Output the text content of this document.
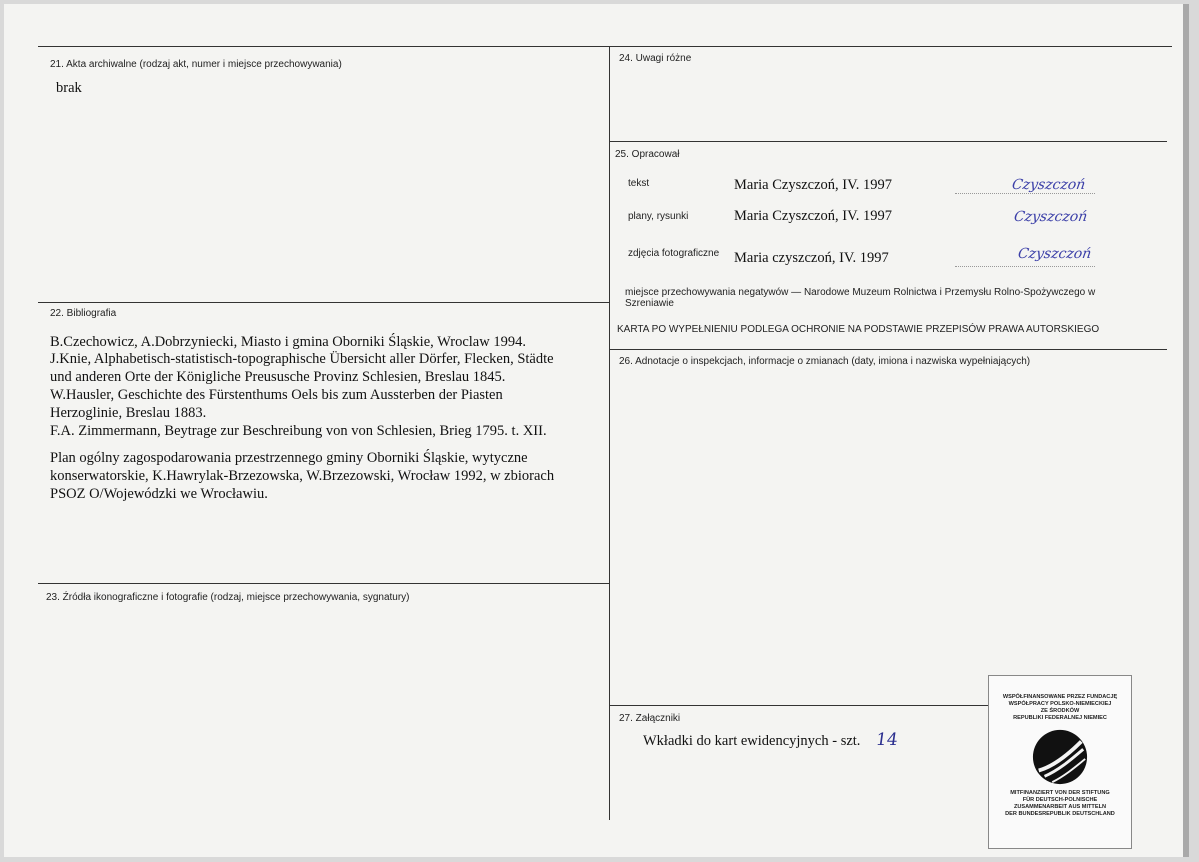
21. Akta archiwalne (rodzaj akt, numer i miejsce przechowywania)
brak
22. Bibliografia
B.Czechowicz, A.Dobrzyniecki, Miasto i gmina Oborniki Śląskie, Wroclaw 1994.
J.Knie, Alphabetisch-statistisch-topographische Übersicht aller Dörfer, Flecken, Städte
und anderen Orte der Königliche Preususche Provinz Schlesien, Breslau 1845.
W.Hausler, Geschichte des Fürstenthums Oels bis zum Aussterben der Piasten
Herzoglinie, Breslau 1883.
F.A. Zimmermann, Beytrage zur Beschreibung von von Schlesien, Brieg 1795. t. XII.
Plan ogólny zagospodarowania przestrzennego gminy Oborniki Śląskie, wytyczne
konserwatorskie, K.Hawrylak-Brzezowska, W.Brzezowski, Wrocław 1992, w zbiorach
PSOZ O/Wojewódzki we Wrocławiu.
23. Źródła ikonograficzne i fotografie (rodzaj, miejsce przechowywania, sygnatury)
24. Uwagi różne
25. Opracował
tekst	Maria Czyszczoń, IV. 1997	Czyszczoń
plany, rysunki	Maria Czyszczoń, IV. 1997	Czyszczoń
zdjęcia fotograficzne Maria czyszczoń, IV. 1997	Czyszczoń
miejsce przechowywania negatywów — Narodowe Muzeum Rolnictwa i Przemysłu Rolno-Spożywczego w
Szreniawie
KARTA PO WYPEŁNIENIU PODLEGA OCHRONIE NA PODSTAWIE PRZEPISÓW PRAWA AUTORSKIEGO
26. Adnotacje o inspekcjach, informacje o zmianach (daty, imiona i nazwiska wypełniających)
27. Załączniki
Wkładki do kart ewidencyjnych - szt. 14
WSPÓŁFINANSOWANE PRZEZ FUNDACJĘ
WSPÓŁPRACY POLSKO-NIEMIECKIEJ
ZE ŚRODKÓW
REPUBLIKI FEDERALNEJ NIEMIEC
MITFINANZIERT VON DER STIFTUNG
FÜR DEUTSCH-POLNISCHE
ZUSAMMENARBEIT AUS MITTELN
DER BUNDESREPUBLIK DEUTSCHLAND
